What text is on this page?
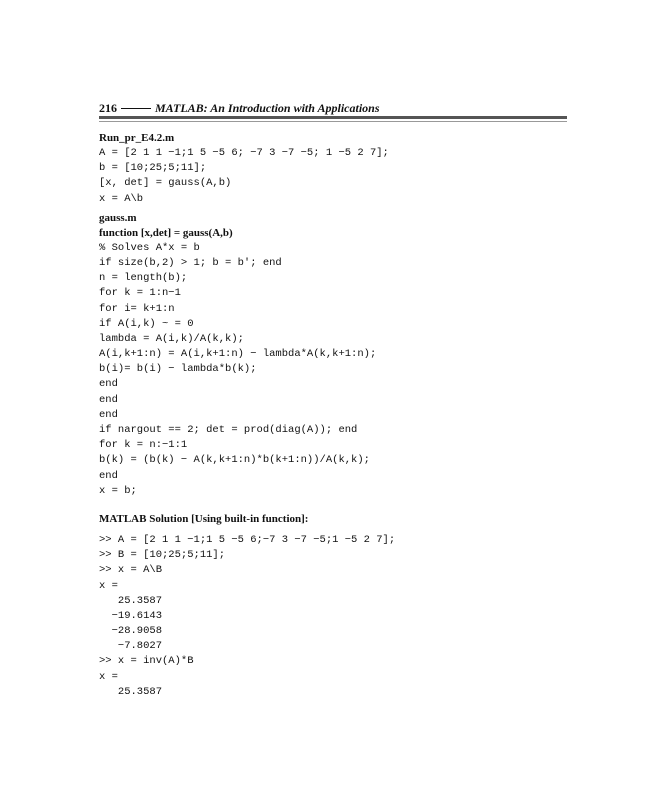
216	MATLAB: An Introduction with Applications
Run_pr_E4.2.m
A = [2 1 1 −1;1 5 −5 6; −7 3 −7 −5; 1 −5 2 7];
b = [10;25;5;11];
[x, det] = gauss(A,b)
x = A\b
gauss.m
function [x,det] = gauss(A,b)
% Solves A*x = b
if size(b,2) > 1; b = b'; end
n = length(b);
for k = 1:n−1
for i= k+1:n
if A(i,k) ~ = 0
lambda = A(i,k)/A(k,k);
A(i,k+1:n) = A(i,k+1:n) − lambda*A(k,k+1:n);
b(i)= b(i) − lambda*b(k);
end
end
end
if nargout == 2; det = prod(diag(A)); end
for k = n:−1:1
b(k) = (b(k) − A(k,k+1:n)*b(k+1:n))/A(k,k);
end
x = b;
MATLAB Solution [Using built-in function]:
>> A = [2 1 1 −1;1 5 −5 6;−7 3 −7 −5;1 −5 2 7];
>> B = [10;25;5;11];
>> x = A\B
x =
25.3587
−19.6143
−28.9058
−7.8027
>> x = inv(A)*B
x =
25.3587
